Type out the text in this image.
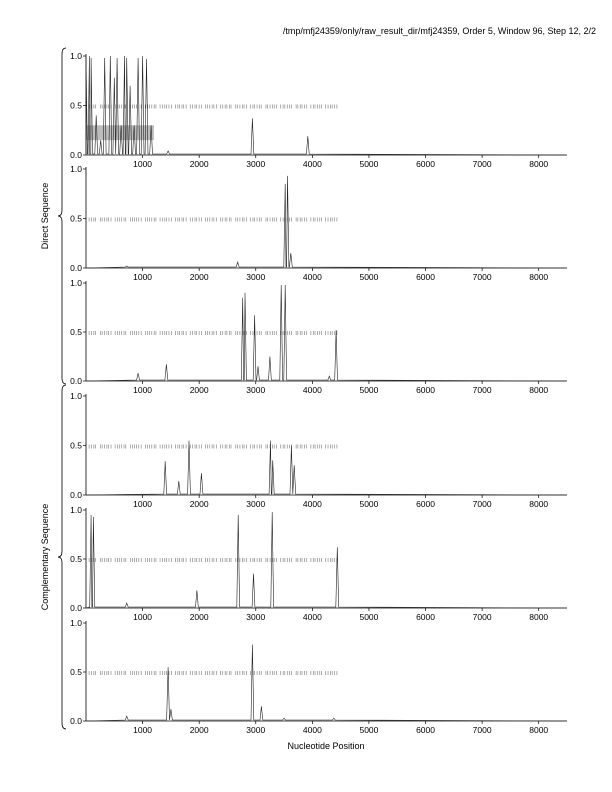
/tmp/mfj24359/only/raw_result_dir/mfj24359, Order 5, Window 96, Step 12, 2/2
0.0
0.5
1.0
1000	2000	3000	4000	5000	6000	7000	8000
0.0
0.5
1.0
1000	2000	3000	4000	5000	6000	7000	8000
0.0
0.5
1.0
1000	2000	3000	4000	5000	6000	7000	8000
0.0
0.5
1.0
1000	2000	3000	4000	5000	6000	7000	8000
0.0
0.5
1.0
1000	2000	3000	4000	5000	6000	7000	8000
0.0
0.5
1.0
1000	2000	3000	4000	5000	6000	7000	8000
Nucleotide Position
Direct Sequence
Complementary Sequence
